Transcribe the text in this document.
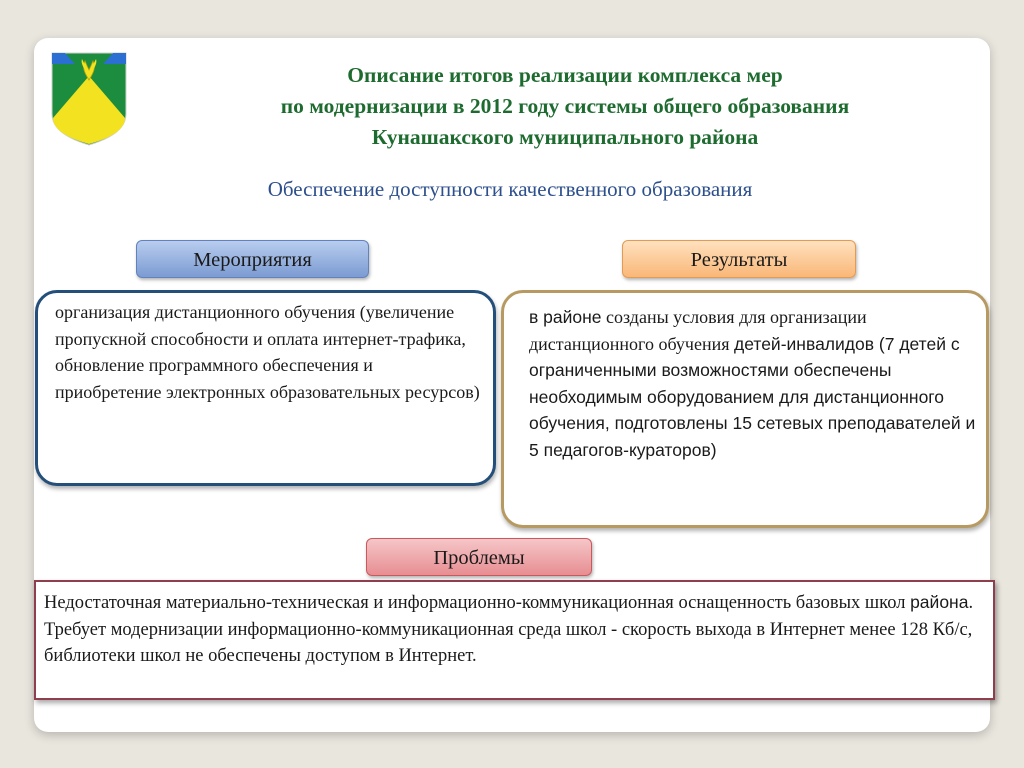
Описание итогов реализации комплекса мер
по модернизации в 2012 году системы общего образования
Кунашакского муниципального района
Обеспечение доступности качественного образования
Мероприятия	Результаты
организация дистанционного обучения (увеличение пропускной способности и оплата интернет-трафика, обновление программного обеспечения и приобретение электронных образовательных ресурсов)
в районе созданы условия для организации дистанционного обучения детей-инвалидов (7 детей с ограниченными возможностями обеспечены необходимым оборудованием для дистанционного обучения, подготовлены 15 сетевых преподавателей и 5 педагогов-кураторов)
Проблемы
Недостаточная материально-техническая и информационно-коммуникационная оснащенность базовых школ района. Требует модернизации информационно-коммуникационная среда школ - скорость выхода в Интернет менее 128 Кб/с, библиотеки школ не обеспечены доступом в Интернет.
